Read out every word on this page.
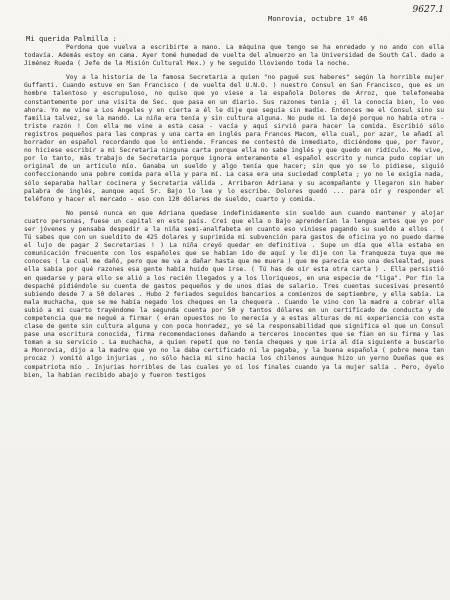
9627.1
Monrovia, octubre 1º 46
Mi querida Palmilla :

Perdona que vuelva a escribirte a mano. La máquina que tengo se ha enredado y no ando con ella todavía. Además estoy en cama. Ayer tomé humedad de vuelta del almuerzo en la Universidad de South Cal. dado a Jiménez Rueda ( Jefe de la Misión Cultural Mex.) y he seguido lloviendo toda la noche.

Voy a la historia de la famosa Secretaria a quien "no pagué sus haberes" según la horrible mujer Guffanti. Cuando estuve en San Francisco ( de vuelta del U.N.O. ) nuestro Consul en San Francisco, que es un hombre talentoso y escrupuloso, no quiso que yo viese a la española Dolores de Arroz, que telefoneaba constantemente por una visita de Sec. que pasa en un diario. Sus razones tenía ; él la conocía bien, lo veo ahora. Yo me vine a Los Angeles y en cierta a él le dije que seguía sin madie. Entonces me el Consul sino su familia talvez, se la mandó. La niña era tenía y sin cultura alguna. No pude ni la dejé porque no había otra - triste razón ! Con ella me vine a esta casa - vacía y aquí sirvió para hacer la comida. Escribió sólo registros pequeños para las compras y una carta en inglés para Frances Macom, ella cual, por azar, le añadí al borrador en español recordando que lo entiende. Frances me contestó de inmediato, diciéndome que, por favor, no hiciese escribir a mi Secretaria ninguna carta porque ella no sabe inglés y que quedo en ridículo. Me vive, por lo tanto, más trabajo de Secretaría porque ignora enteramente el español escrito y nunca pudo copiar un original de un artículo mío. Ganaba un sueldo y algo tenía que hacer; sin que yo se lo pidiese, siguió confeccionando una pobre comida para ella y para mí. La casa era una suciedad completa ; yo no le exigía nada, sólo separaba hallar cocinera y Secretaria válida . Arribaron Adriana y su acompañante y llegaron sin haber palabra de inglés, aunque aquí Sr. Bajo lo lee y lo escribe. Dolores quedó ... para oír y responder el teléfono y hacer el mercado - eso con 120 dólares de sueldo, cuarto y comida.

No pensé nunca en que Adriana quedase indefinidamente sin sueldo aun cuando mantener y alojar cuatro personas, fuese un capital en este país. Creí que ella o Bajo aprenderían la lengua antes que yo por ser jóvenes y pensaba despedir a la niña semi-analfabeta en cuanto eso viniese pagando su sueldo a ellos . ( Tú sabes que con un sueldito de 425 dolares y suprimida mi subvención para gastos de oficina yo no puedo darme el lujo de pagar 2 Secretarias ! ) La niña creyó quedar en definitiva . Supe un día que ella estaba en comunicación frecuente con los españoles que se habían ido de aquí y le dije con la franqueza tuya que me conoces ( la cual me dañó, pero que me va a dañar hasta que me muera ) que me parecía eso una deslealtad, pues ella sabía por qué razones esa gente había huido que irse. ( Tú has de oír esta otra carta ) . Ella persistió en quedarse y para ello se alió a los recién llegados y a los lloriqueos, en una especie de "liga". Por fin la despaché pidiéndole su cuenta de gastos pequeños y de unos días de salario. Tres cuentas sucesivas presentó subiendo desde 7 a 50 dolares . Hubo 2 feriados seguidos bancarios a comienzos de septiembre, y ella sabía. La mala muchacha, que se me había negado los cheques en la chequera . Cuando le vino con la madre a cobrar ella subió a mi cuarto trayéndome la segunda cuenta por 50 y tantos dólares en un certificado de conducta y de competencia que me negué a firmar ( eran opuestos no lo merecía y a estas alturas de mi experiencia con esta clase de gente sin cultura alguna y con poca honradez, yo sé la responsabilidad que significa el que un Consul pase una escritura conocida, firma recomendaciones dañando a terceros inocentes que se fían en su firma y las toman a su servicio . La muchacha, a quien repetí que no tenía cheques y que iría al día siguiente a buscarlo a Monrovia, dijo a la madre que yo no la daba certificado ni la pagaba, y la buena española ( pobre mena tan procaz ) vomitó algo injurias , no sólo hacia mi sino hacia los chilenos aunque hizo un yerno Dueñas que es compatriota mío . Injurias horribles de las cuales yo oí los finales cuando ya la mujer salía . Pero, óyelo bien, la habían recibido abajo y fueron testigos
